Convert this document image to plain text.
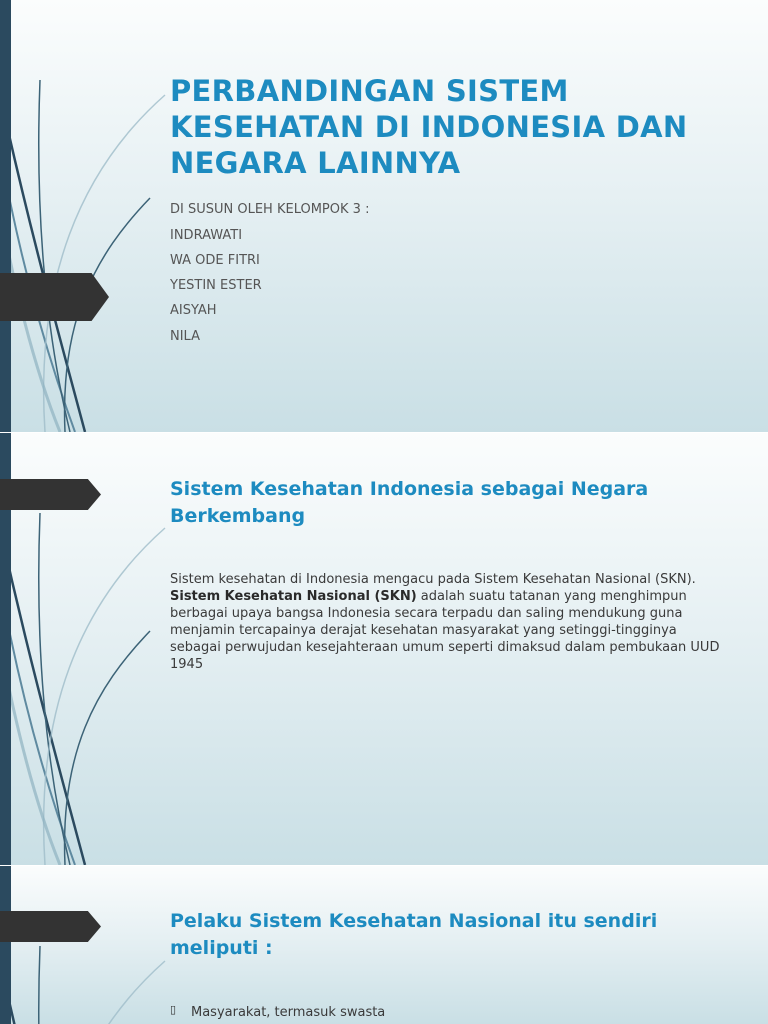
PERBANDINGAN SISTEM KESEHATAN DI INDONESIA DAN NEGARA LAINNYA
DI SUSUN OLEH KELOMPOK 3 :
INDRAWATI
WA ODE FITRI
YESTIN ESTER
AISYAH
NILA
Sistem Kesehatan Indonesia sebagai Negara Berkembang

Sistem kesehatan di Indonesia mengacu pada Sistem Kesehatan Nasional (SKN). Sistem Kesehatan Nasional (SKN) adalah suatu tatanan yang menghimpun berbagai upaya bangsa Indonesia secara terpadu dan saling mendukung guna menjamin tercapainya derajat kesehatan masyarakat yang setinggi-tingginya sebagai perwujudan kesejahteraan umum seperti dimaksud dalam pembukaan UUD 1945

Pelaku Sistem Kesehatan Nasional itu sendiri meliputi :
▯ Masyarakat, termasuk swasta
